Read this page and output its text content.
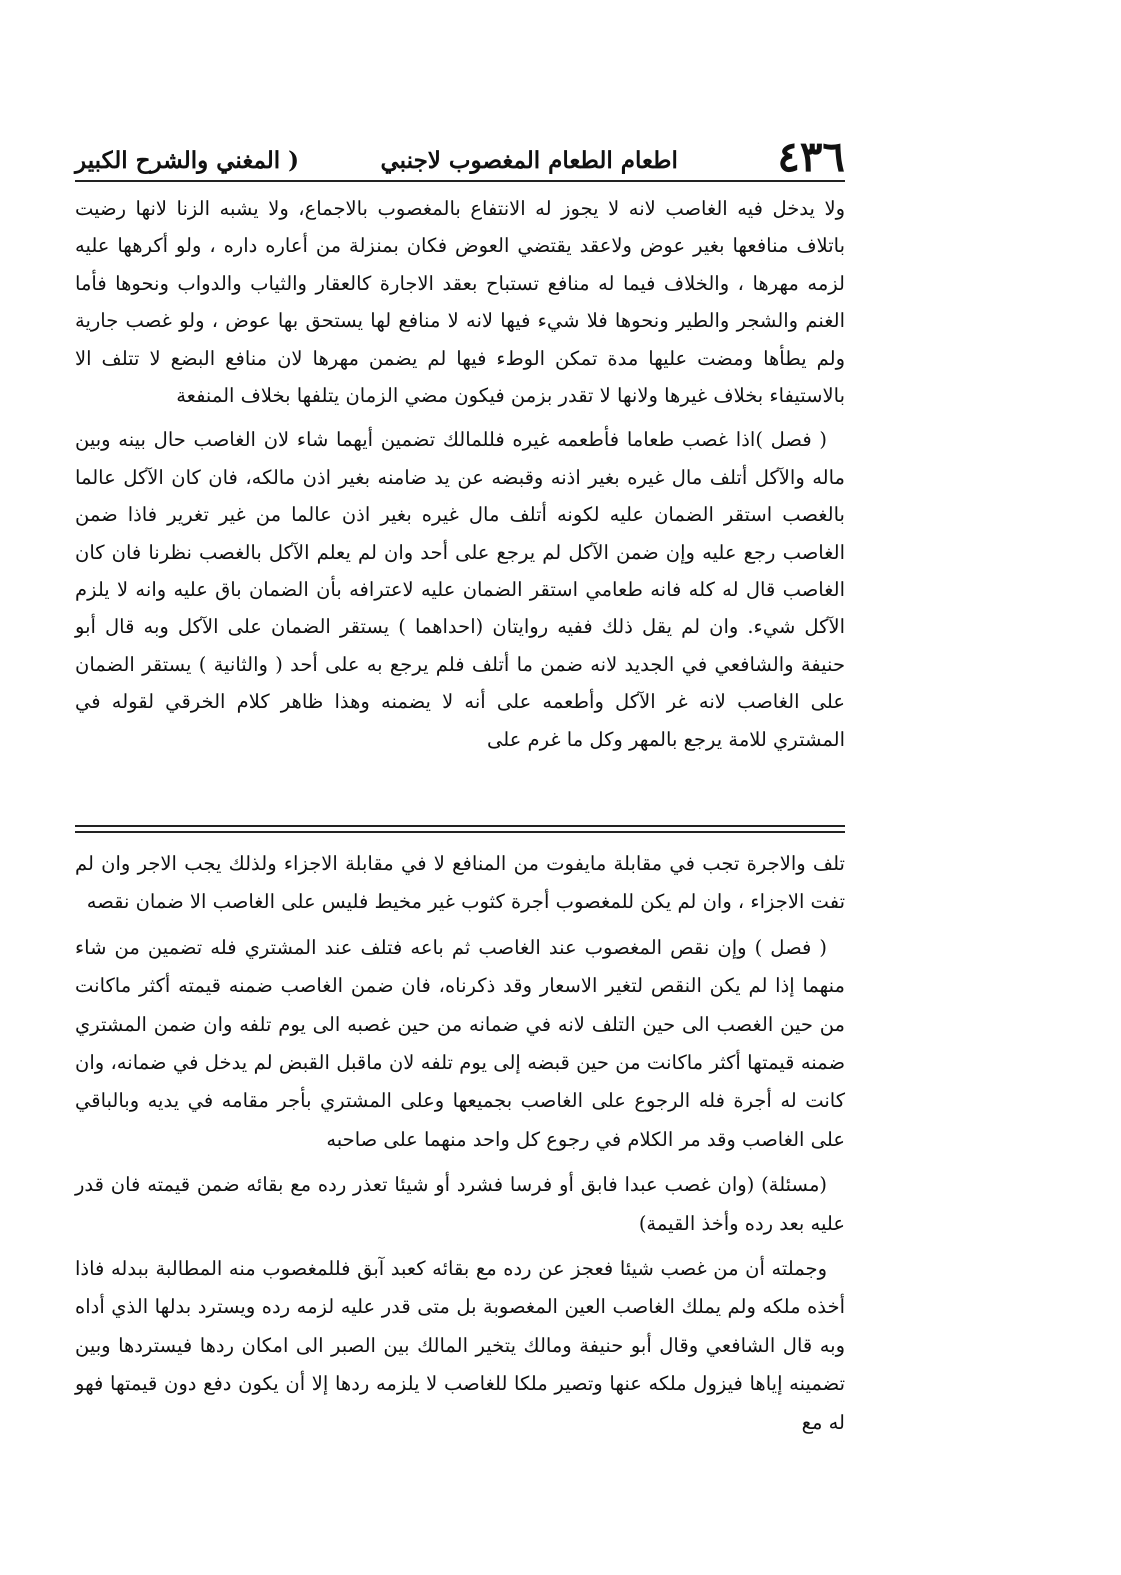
٤٣٦
اطعام الطعام المغصوب لاجنبي
( المغني والشرح الكبير

ولا يدخل فيه الغاصب لانه لا يجوز له الانتفاع بالمغصوب بالاجماع، ولا يشبه الزنا لانها رضيت باتلاف منافعها بغير عوض ولاعقد يقتضي العوض فكان بمنزلة من أعاره داره ، ولو أكرهها عليه لزمه مهرها ، والخلاف فيما له منافع تستباح بعقد الاجارة كالعقار والثياب والدواب ونحوها فأما الغنم والشجر والطير ونحوها فلا شيء فيها لانه لا منافع لها يستحق بها عوض ، ولو غصب جارية ولم يطأها ومضت عليها مدة تمكن الوطء فيها لم يضمن مهرها لان منافع البضع لا تتلف الا بالاستيفاء بخلاف غيرها ولانها لا تقدر بزمن فيكون مضي الزمان يتلفها بخلاف المنفعة

( فصل )اذا غصب طعاما فأطعمه غيره فللمالك تضمين أيهما شاء لان الغاصب حال بينه وبين ماله والآكل أتلف مال غيره بغير اذنه وقبضه عن يد ضامنه بغير اذن مالكه، فان كان الآكل عالما بالغصب استقر الضمان عليه لكونه أتلف مال غيره بغير اذن عالما من غير تغرير فاذا ضمن الغاصب رجع عليه وإن ضمن الآكل لم يرجع على أحد وان لم يعلم الآكل بالغصب نظرنا فان كان الغاصب قال له كله فانه طعامي استقر الضمان عليه لاعترافه بأن الضمان باق عليه وانه لا يلزم الآكل شيء. وان لم يقل ذلك ففيه روايتان (احداهما ) يستقر الضمان على الآكل وبه قال أبو حنيفة والشافعي في الجديد لانه ضمن ما أتلف فلم يرجع به على أحد ( والثانية ) يستقر الضمان على الغاصب لانه غر الآكل وأطعمه على أنه لا يضمنه وهذا ظاهر كلام الخرقي لقوله في المشتري للامة يرجع بالمهر وكل ما غرم على

تلف والاجرة تجب في مقابلة مايفوت من المنافع لا في مقابلة الاجزاء ولذلك يجب الاجر وان لم تفت الاجزاء ، وان لم يكن للمغصوب أجرة كثوب غير مخيط فليس على الغاصب الا ضمان نقصه

( فصل ) وإن نقص المغصوب عند الغاصب ثم باعه فتلف عند المشتري فله تضمين من شاء منهما إذا لم يكن النقص لتغير الاسعار وقد ذكرناه، فان ضمن الغاصب ضمنه قيمته أكثر ماكانت من حين الغصب الى حين التلف لانه في ضمانه من حين غصبه الى يوم تلفه وان ضمن المشتري ضمنه قيمتها أكثر ماكانت من حين قبضه إلى يوم تلفه لان ماقبل القبض لم يدخل في ضمانه، وان كانت له أجرة فله الرجوع على الغاصب بجميعها وعلى المشتري بأجر مقامه في يديه وبالباقي على الغاصب وقد مر الكلام في رجوع كل واحد منهما على صاحبه

(مسئلة) (وان غصب عبدا فابق أو فرسا فشرد أو شيئا تعذر رده مع بقائه ضمن قيمته فان قدر عليه بعد رده وأخذ القيمة)

وجملته أن من غصب شيئا فعجز عن رده مع بقائه كعبد آبق فللمغصوب منه المطالبة ببدله فاذا أخذه ملكه ولم يملك الغاصب العين المغصوبة بل متى قدر عليه لزمه رده ويسترد بدلها الذي أداه وبه قال الشافعي وقال أبو حنيفة ومالك يتخير المالك بين الصبر الى امكان ردها فيستردها وبين تضمينه إياها فيزول ملكه عنها وتصير ملكا للغاصب لا يلزمه ردها إلا أن يكون دفع دون قيمتها فهو له مع
